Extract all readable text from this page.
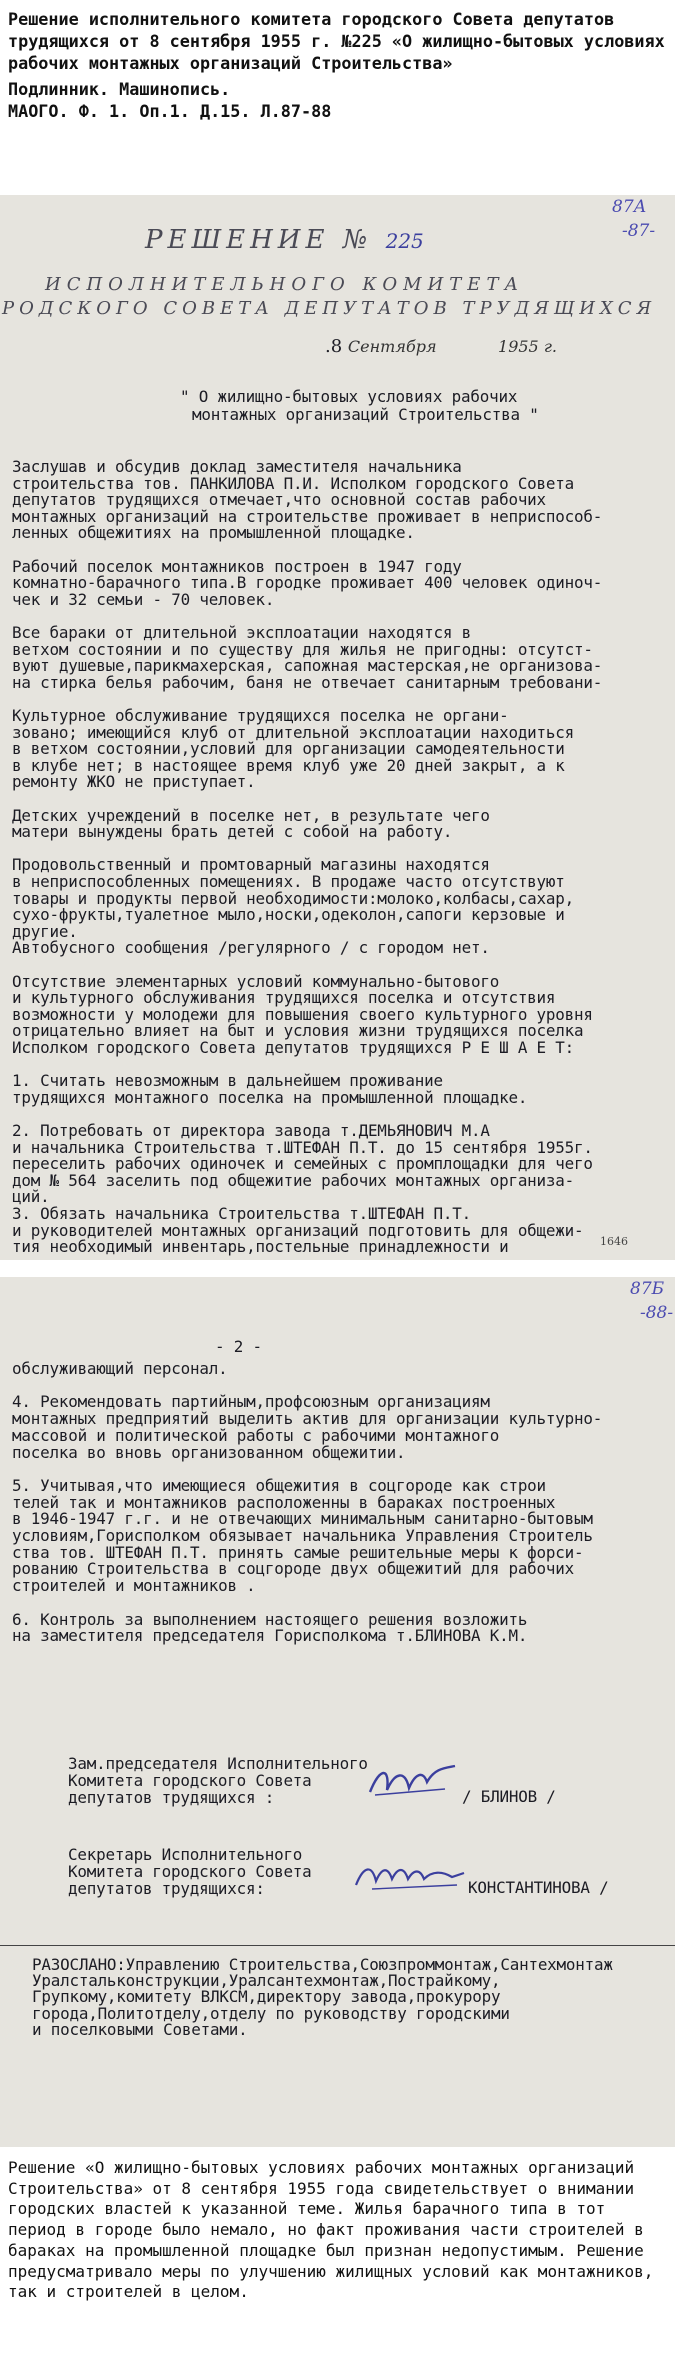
Решение исполнительного комитета городского Совета депутатов трудящихся от 8 сентября 1955 г. №225 «О жилищно-бытовых условиях рабочих монтажных организаций Строительства»

Подлинник. Машинопись.

МАОГО. Ф. 1. Оп.1. Д.15. Л.87-88

87А
-87-
РЕШЕНИЕ № 225
ИСПОЛНИТЕЛЬНОГО КОМИТЕТА
РОДСКОГО СОВЕТА ДЕПУТАТОВ ТРУДЯЩИХСЯ
.8 Сентября	1955 г.
" О жилищно-бытовых условиях рабочих
монтажных организаций Строительства "
Заслушав и обсудив доклад заместителя начальника
строительства тов. ПАНКИЛОВА П.И. Исполком городского Совета
депутатов трудящихся отмечает,что основной состав рабочих
монтажных организаций на строительстве проживает в неприспособ-
ленных общежитиях на промышленной площадке.
Рабочий поселок монтажников построен в 1947 году
комнатно-барачного типа.В городке проживает 400 человек одиноч-
чек и 32 семьи - 70 человек.
Все бараки от длительной эксплоатации находятся в
ветхом состоянии и по существу для жилья не пригодны: отсутст-
вуют душевые,парикмахерская, сапожная мастерская,не организова-
на стирка белья рабочим, баня не отвечает санитарным требовани-
Культурное обслуживание трудящихся поселка не органи-
зовано; имеющийся клуб от длительной эксплоатации находиться
в ветхом состоянии,условий для организации самодеятельности
в клубе нет; в настоящее время клуб уже 20 дней закрыт, а к
ремонту ЖКО не приступает.
Детских учреждений в поселке нет, в результате чего
матери вынуждены брать детей с собой на работу.
Продовольственный и промтоварный магазины находятся
в неприспособленных помещениях. В продаже часто отсутствуют
товары и продукты первой необходимости:молоко,колбасы,сахар,
сухо-фрукты,туалетное мыло,носки,одеколон,сапоги керзовые и
другие.
Автобусного сообщения /регулярного / с городом нет.
Отсутствие элементарных условий коммунально-бытового
и культурного обслуживания трудящихся поселка и отсутствия
возможности у молодежи для повышения своего культурного уровня
отрицательно влияет на быт и условия жизни трудящихся поселка
Исполком городского Совета депутатов трудящихся Р Е Ш А Е Т:
1. Считать невозможным в дальнейшем проживание
трудящихся монтажного поселка на промышленной площадке.
2. Потребовать от директора завода т.ДЕМЬЯНОВИЧ М.А
и начальника Строительства т.ШТЕФАН П.Т. до 15 сентября 1955г.
переселить рабочих одиночек и семейных с промплощадки для чего
дом № 564 заселить под общежитие рабочих монтажных организа-
ций.
3. Обязать начальника Строительства т.ШТЕФАН П.Т.
и руководителей монтажных организаций подготовить для общежи-
тия необходимый инвентарь,постельные принадлежности и	1646
87Б
-88-
- 2 -
обслуживающий персонал.
4. Рекомендовать партийным,профсоюзным организациям
монтажных предприятий выделить актив для организации культурно-
массовой и политической работы с рабочими монтажного
поселка во вновь организованном общежитии.
5. Учитывая,что имеющиеся общежития в соцгороде как строи
телей так и монтажников расположенны в бараках построенных
в 1946-1947 г.г. и не отвечающих минимальным санитарно-бытовым
условиям,Горисполком обязывает начальника Управления Строитель
ства тов. ШТЕФАН П.Т. принять самые решительные меры к форси-
рованию Строительства в соцгороде двух общежитий для рабочих
строителей и монтажников .
6. Контроль за выполнением настоящего решения возложить
на заместителя председателя Горисполкома т.БЛИНОВА К.М.
Зам.председателя Исполнительного
Комитета городского Совета
депутатов трудящихся :	/ БЛИНОВ /
Секретарь Исполнительного
Комитета городского Совета
депутатов трудящихся:	КОНСТАНТИНОВА /
РАЗОСЛАНО:Управлению Строительства,Союзпроммонтаж,Сантехмонтаж
Уралстальконструкции,Уралсантехмонтаж,Пострайкому,
Групкому,комитету ВЛКСМ,директору завода,прокурору
города,Политотделу,отделу по руководству городскими
и поселковыми Советами.

Решение «О жилищно-бытовых условиях рабочих монтажных организаций Строительства» от 8 сентября 1955 года свидетельствует о внимании городских властей к указанной теме. Жилья барачного типа в тот период в городе было немало, но факт проживания части строителей в бараках на промышленной площадке был признан недопустимым. Решение предусматривало меры по улучшению жилищных условий как монтажников, так и строителей в целом.
